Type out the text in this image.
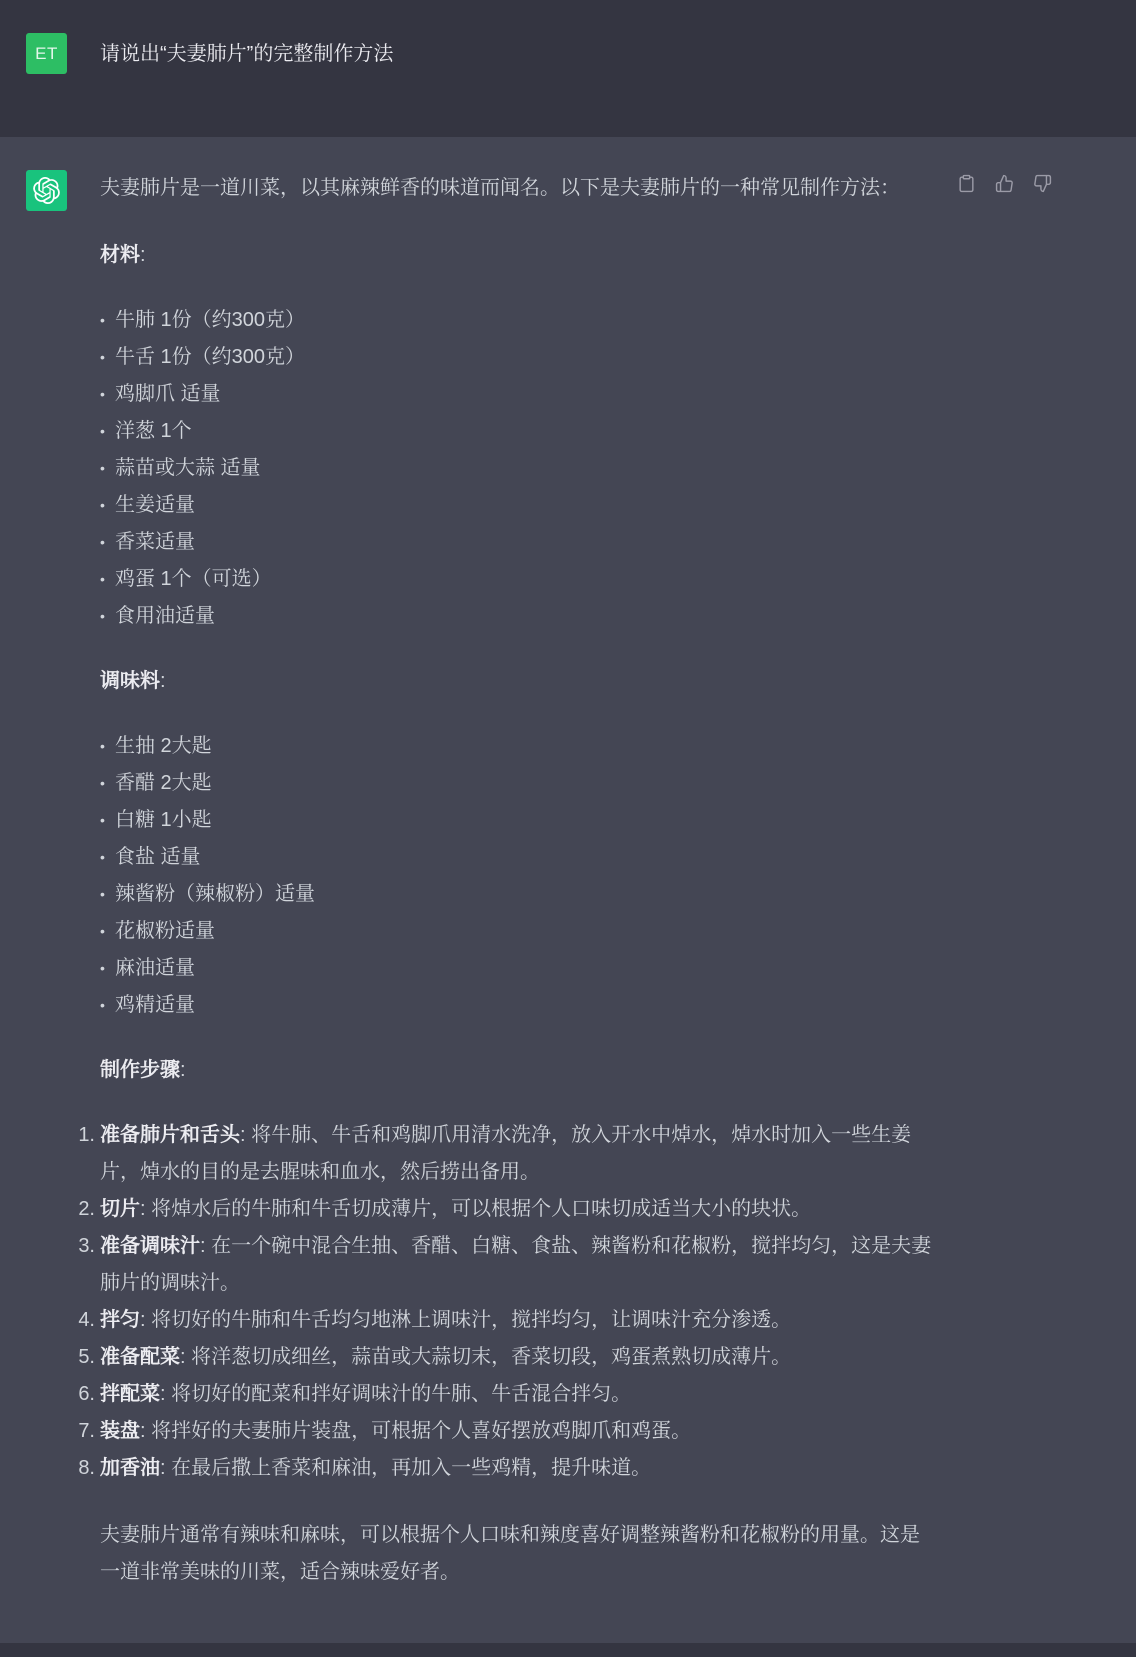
ET	请说出“夫妻肺片”的完整制作方法

夫妻肺片是一道川菜，以其麻辣鲜香的味道而闻名。以下是夫妻肺片的一种常见制作方法：

材料:
• 牛肺 1份（约300克）
• 牛舌 1份（约300克）
• 鸡脚爪 适量
• 洋葱 1个
• 蒜苗或大蒜 适量
• 生姜适量
• 香菜适量
• 鸡蛋 1个（可选）
• 食用油适量
调味料:
• 生抽 2大匙
• 香醋 2大匙
• 白糖 1小匙
• 食盐 适量
• 辣酱粉（辣椒粉）适量
• 花椒粉适量
• 麻油适量
• 鸡精适量
制作步骤:
1. 准备肺片和舌头: 将牛肺、牛舌和鸡脚爪用清水洗净，放入开水中焯水，焯水时加入一些生姜片，焯水的目的是去腥味和血水，然后捞出备用。
2. 切片: 将焯水后的牛肺和牛舌切成薄片，可以根据个人口味切成适当大小的块状。
3. 准备调味汁: 在一个碗中混合生抽、香醋、白糖、食盐、辣酱粉和花椒粉，搅拌均匀，这是夫妻肺片的调味汁。
4. 拌匀: 将切好的牛肺和牛舌均匀地淋上调味汁，搅拌均匀，让调味汁充分渗透。
5. 准备配菜: 将洋葱切成细丝，蒜苗或大蒜切末，香菜切段，鸡蛋煮熟切成薄片。
6. 拌配菜: 将切好的配菜和拌好调味汁的牛肺、牛舌混合拌匀。
7. 装盘: 将拌好的夫妻肺片装盘，可根据个人喜好摆放鸡脚爪和鸡蛋。
8. 加香油: 在最后撒上香菜和麻油，再加入一些鸡精，提升味道。

夫妻肺片通常有辣味和麻味，可以根据个人口味和辣度喜好调整辣酱粉和花椒粉的用量。这是一道非常美味的川菜，适合辣味爱好者。
